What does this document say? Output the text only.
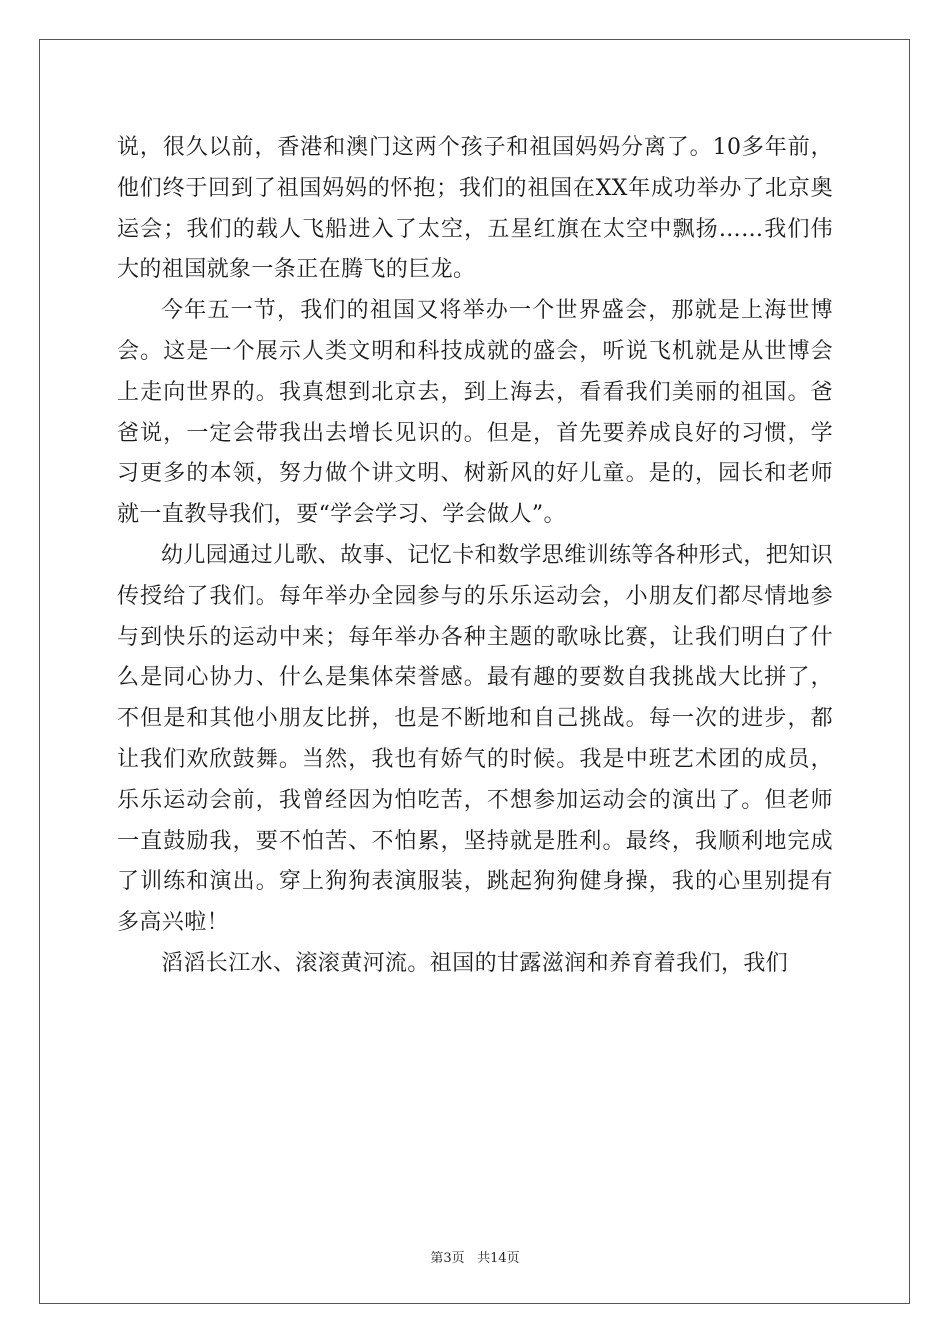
说，很久以前，香港和澳门这两个孩子和祖国妈妈分离了。10多年前，他们终于回到了祖国妈妈的怀抱；我们的祖国在XX年成功举办了北京奥运会；我们的载人飞船进入了太空，五星红旗在太空中飘扬……我们伟大的祖国就象一条正在腾飞的巨龙。

今年五一节，我们的祖国又将举办一个世界盛会，那就是上海世博会。这是一个展示人类文明和科技成就的盛会，听说飞机就是从世博会上走向世界的。我真想到北京去，到上海去，看看我们美丽的祖国。爸爸说，一定会带我出去增长见识的。但是，首先要养成良好的习惯，学习更多的本领，努力做个讲文明、树新风的好儿童。是的，园长和老师就一直教导我们，要“学会学习、学会做人”。

幼儿园通过儿歌、故事、记忆卡和数学思维训练等各种形式，把知识传授给了我们。每年举办全园参与的乐乐运动会，小朋友们都尽情地参与到快乐的运动中来；每年举办各种主题的歌咏比赛，让我们明白了什么是同心协力、什么是集体荣誉感。最有趣的要数自我挑战大比拼了，不但是和其他小朋友比拼，也是不断地和自己挑战。每一次的进步，都让我们欢欣鼓舞。当然，我也有娇气的时候。我是中班艺术团的成员，乐乐运动会前，我曾经因为怕吃苦，不想参加运动会的演出了。但老师一直鼓励我，要不怕苦、不怕累，坚持就是胜利。最终，我顺利地完成了训练和演出。穿上狗狗表演服装，跳起狗狗健身操，我的心里别提有多高兴啦！

滔滔长江水、滚滚黄河流。祖国的甘露滋润和养育着我们，我们

第3页 共14页
